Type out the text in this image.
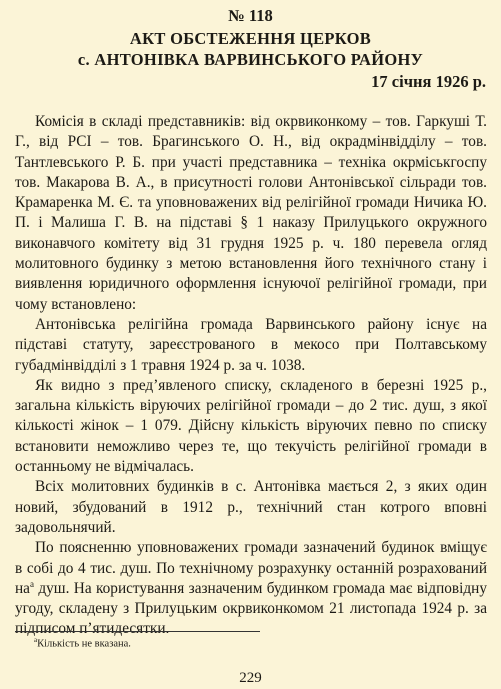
№ 118
АКТ ОБСТЕЖЕННЯ ЦЕРКОВ
с. АНТОНІВКА ВАРВИНСЬКОГО РАЙОНУ
17 січня 1926 р.

Комісія в складі представників: від окрвиконкому – тов. Гаркуші Т. Г., від РСІ – тов. Брагинського О. Н., від окрадмінвідділу – тов. Тантлевського Р. Б. при участі представника – техніка окрміськгоспу тов. Макарова В. А., в присутності голови Антонівської сільради тов. Крамаренка М. Є. та уповноважених від релігійної громади Ничика Ю. П. і Малиша Г. В. на підставі § 1 наказу Прилуцького окружного виконавчого комітету від 31 грудня 1925 р. ч. 180 перевела огляд молитовного будинку з метою встановлення його технічного стану і виявлення юридичного оформлення існуючої релігійної громади, при чому встановлено:

Антонівська релігійна громада Варвинського району існує на підставі статуту, зареєстрованого в мекосо при Полтавському губадмінвідділі з 1 травня 1924 р. за ч. 1038.

Як видно з пред’явленого списку, складеного в березні 1925 р., загальна кількість віруючих релігійної громади – до 2 тис. душ, з якої кількості жінок – 1 079. Дійсну кількість віруючих певно по списку встановити неможливо через те, що текучість релігійної громади в останньому не відмічалась.

Всіх молитовних будинків в с. Антонівка мається 2, з яких один новий, збудований в 1912 р., технічний стан котрого вповні задовольнячий.

По поясненню уповноважених громади зазначений будинок вміщує в собі до 4 тис. душ. По технічному розрахунку останній розрахований $на^а$ душ. На користування зазначеним будинком громада має відповідну угоду, складену з Прилуцьким окрвиконкомом 21 листопада 1924 р. за підписом п’ятидесятки.

$^а$Кількість не вказана.
229
